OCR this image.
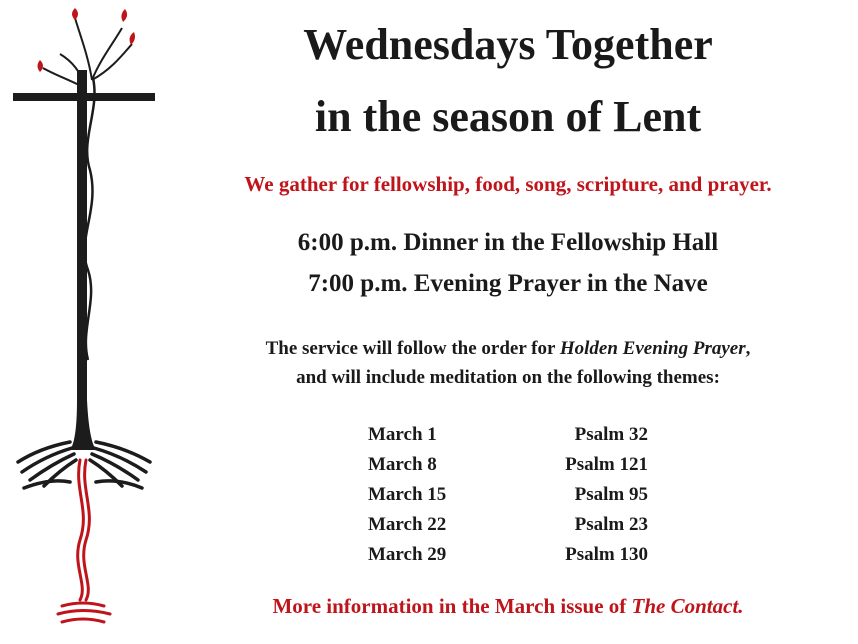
Wednesdays Together
in the season of Lent
We gather for fellowship, food, song, scripture, and prayer.
6:00 p.m. Dinner in the Fellowship Hall
7:00 p.m. Evening Prayer in the Nave
The service will follow the order for Holden Evening Prayer,
and will include meditation on the following themes:
March 1	Psalm 32
March 8	Psalm 121
March 15	Psalm 95
March 22	Psalm 23
March 29	Psalm 130
More information in the March issue of The Contact.
